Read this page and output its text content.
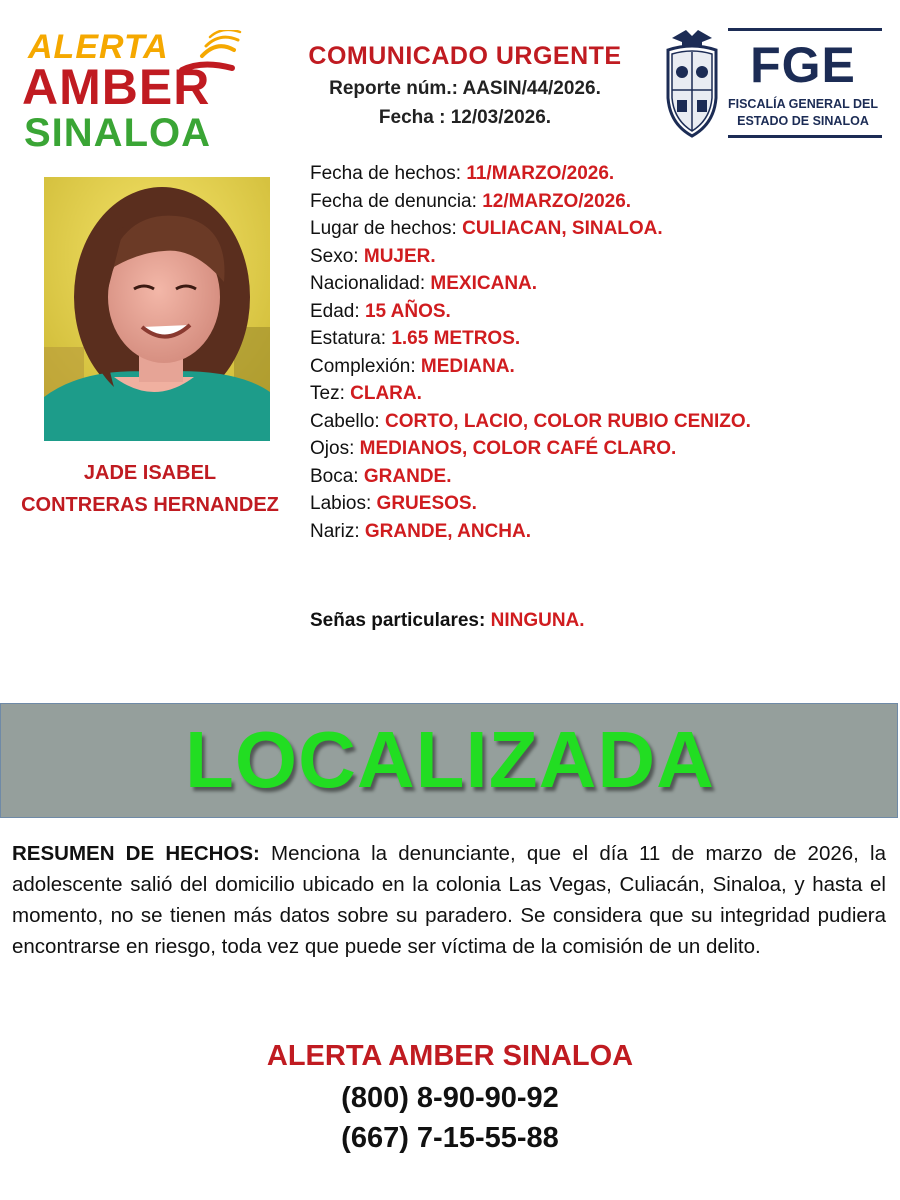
ALERTA
AMBER
SINALOA
COMUNICADO URGENTE
Reporte núm.: AASIN/44/2026.
Fecha : 12/03/2026.
FGE
FISCALÍA GENERAL DEL
ESTADO DE SINALOA
JADE ISABEL
CONTRERAS HERNANDEZ
Fecha de hechos: 11/MARZO/2026.
Fecha de denuncia: 12/MARZO/2026.
Lugar de hechos: CULIACAN, SINALOA.
Sexo: MUJER.
Nacionalidad: MEXICANA.
Edad: 15 AÑOS.
Estatura: 1.65 METROS.
Complexión: MEDIANA.
Tez: CLARA.
Cabello: CORTO, LACIO, COLOR RUBIO CENIZO.
Ojos: MEDIANOS, COLOR CAFÉ CLARO.
Boca: GRANDE.
Labios: GRUESOS.
Nariz: GRANDE, ANCHA.
Señas particulares: NINGUNA.
LOCALIZADA
RESUMEN DE HECHOS: Menciona la denunciante, que el día 11 de marzo de 2026, la adolescente salió del domicilio ubicado en la colonia Las Vegas, Culiacán, Sinaloa, y hasta el momento, no se tienen más datos sobre su paradero. Se considera que su integridad pudiera encontrarse en riesgo, toda vez que puede ser víctima de la comisión de un delito.
ALERTA AMBER SINALOA
(800) 8-90-90-92
(667) 7-15-55-88
